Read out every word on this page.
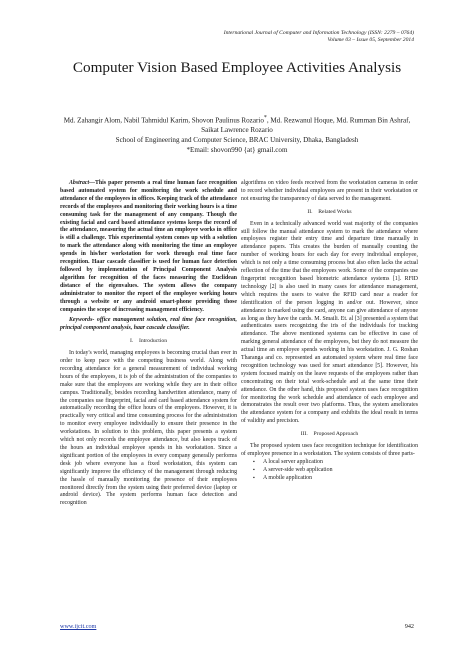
International Journal of Computer and Information Technology (ISSN: 2279 – 0764)
Volume 03 – Issue 05, September 2014
Computer Vision Based Employee Activities Analysis
Md. Zahangir Alom, Nabil Tahmidul Karim, Shovon Paulinus Rozario*, Md. Rezwanul Hoque, Md. Rumman Bin Ashraf, Saikat Lawrence Rozario
School of Engineering and Computer Science, BRAC University, Dhaka, Bangladesh
*Email: shovon990 {at} gmail.com

Abstract—This paper presents a real time human face recognition based automated system for monitoring the work schedule and attendance of the employees in offices. Keeping track of the attendance records of the employees and monitoring their working hours is a time consuming task for the management of any company. Though the existing facial and card based attendance systems keeps the record of the attendance, measuring the actual time an employee works in office is still a challenge. This experimental system comes up with a solution to mark the attendance along with monitoring the time an employee spends in his/her workstation for work through real time face recognition. Haar cascade classifier is used for human face detection followed by implementation of Principal Component Analysis algorithm for recognition of the faces measuring the Euclidean distance of the eigenvalues. The system allows the company administrator to monitor the report of the employee working hours through a website or any android smart-phone providing those companies the scope of increasing management efficiency.

Keywords- office management solution, real time face recognition, principal component analysis, haar cascade classifier.

I. Introduction

In today's world, managing employees is becoming crucial than ever in order to keep pace with the competing business world. Along with recording attendance for a general measurement of individual working hours of the employees, it is job of the administration of the companies to make sure that the employees are working while they are in their office campus. Traditionally, besides recording handwritten attendance, many of the companies use fingerprint, facial and card based attendance system for automatically recording the office hours of the employees. However, it is practically very critical and time consuming process for the administration to monitor every employee individually to ensure their presence in the workstations. In solution to this problem, this paper presents a system which not only records the employee attendance, but also keeps track of the hours an individual employee spends in his workstation. Since a significant portion of the employees in every company generally performs desk job where everyone has a fixed workstation, this system can significantly improve the efficiency of the management through reducing the hassle of manually monitoring the presence of their employees monitored directly from the system using their preferred device (laptop or android device). The system performs human face detection and recognition

algorithms on video feeds received from the workstation cameras in order to record whether individual employees are present in their workstation or not ensuring the transparency of data served to the management.

II. Related Works

Even in a technically advanced world vast majority of the companies still follow the manual attendance system to mark the attendance where employees register their entry time and departure time manually in attendance papers. This creates the burden of manually counting the number of working hours for each day for every individual employee, which is not only a time consuming process but also often lacks the actual reflection of the time that the employees work. Some of the companies use fingerprint recognition based biometric attendance systems [1]. RFID technology [2] is also used in many cases for attendance management, which requires the users to waive the RFID card near a reader for identification of the person logging in and/or out. However, since attendance is marked using the card, anyone can give attendance of anyone as long as they have the cards. M. Smaili. Et. al [3] presented a system that authenticates users recognizing the iris of the individuals for tracking attendance. The above mentioned systems can be effective in case of marking general attendance of the employees, but they do not measure the actual time an employee spends working in his workstation. J. G. Roshan Tharanga and co. represented an automated system where real time face recognition technology was used for smart attendance [5]. However, his system focused mainly on the leave requests of the employees rather than concentrating on their total work-schedule and at the same time their attendance. On the other hand, this proposed system uses face recognition for monitoring the work schedule and attendance of each employee and demonstrates the result over two platforms. Thus, the system ameliorates the attendance system for a company and exhibits the ideal result in terms of validity and precision.

III. Proposed Approach

The proposed system uses face recognition technique for identification of employee presence in a workstation. The system consists of three parts-

▪ A local server application
▪ A server-side web application
▪ A mobile application
www.ijcit.com	942
